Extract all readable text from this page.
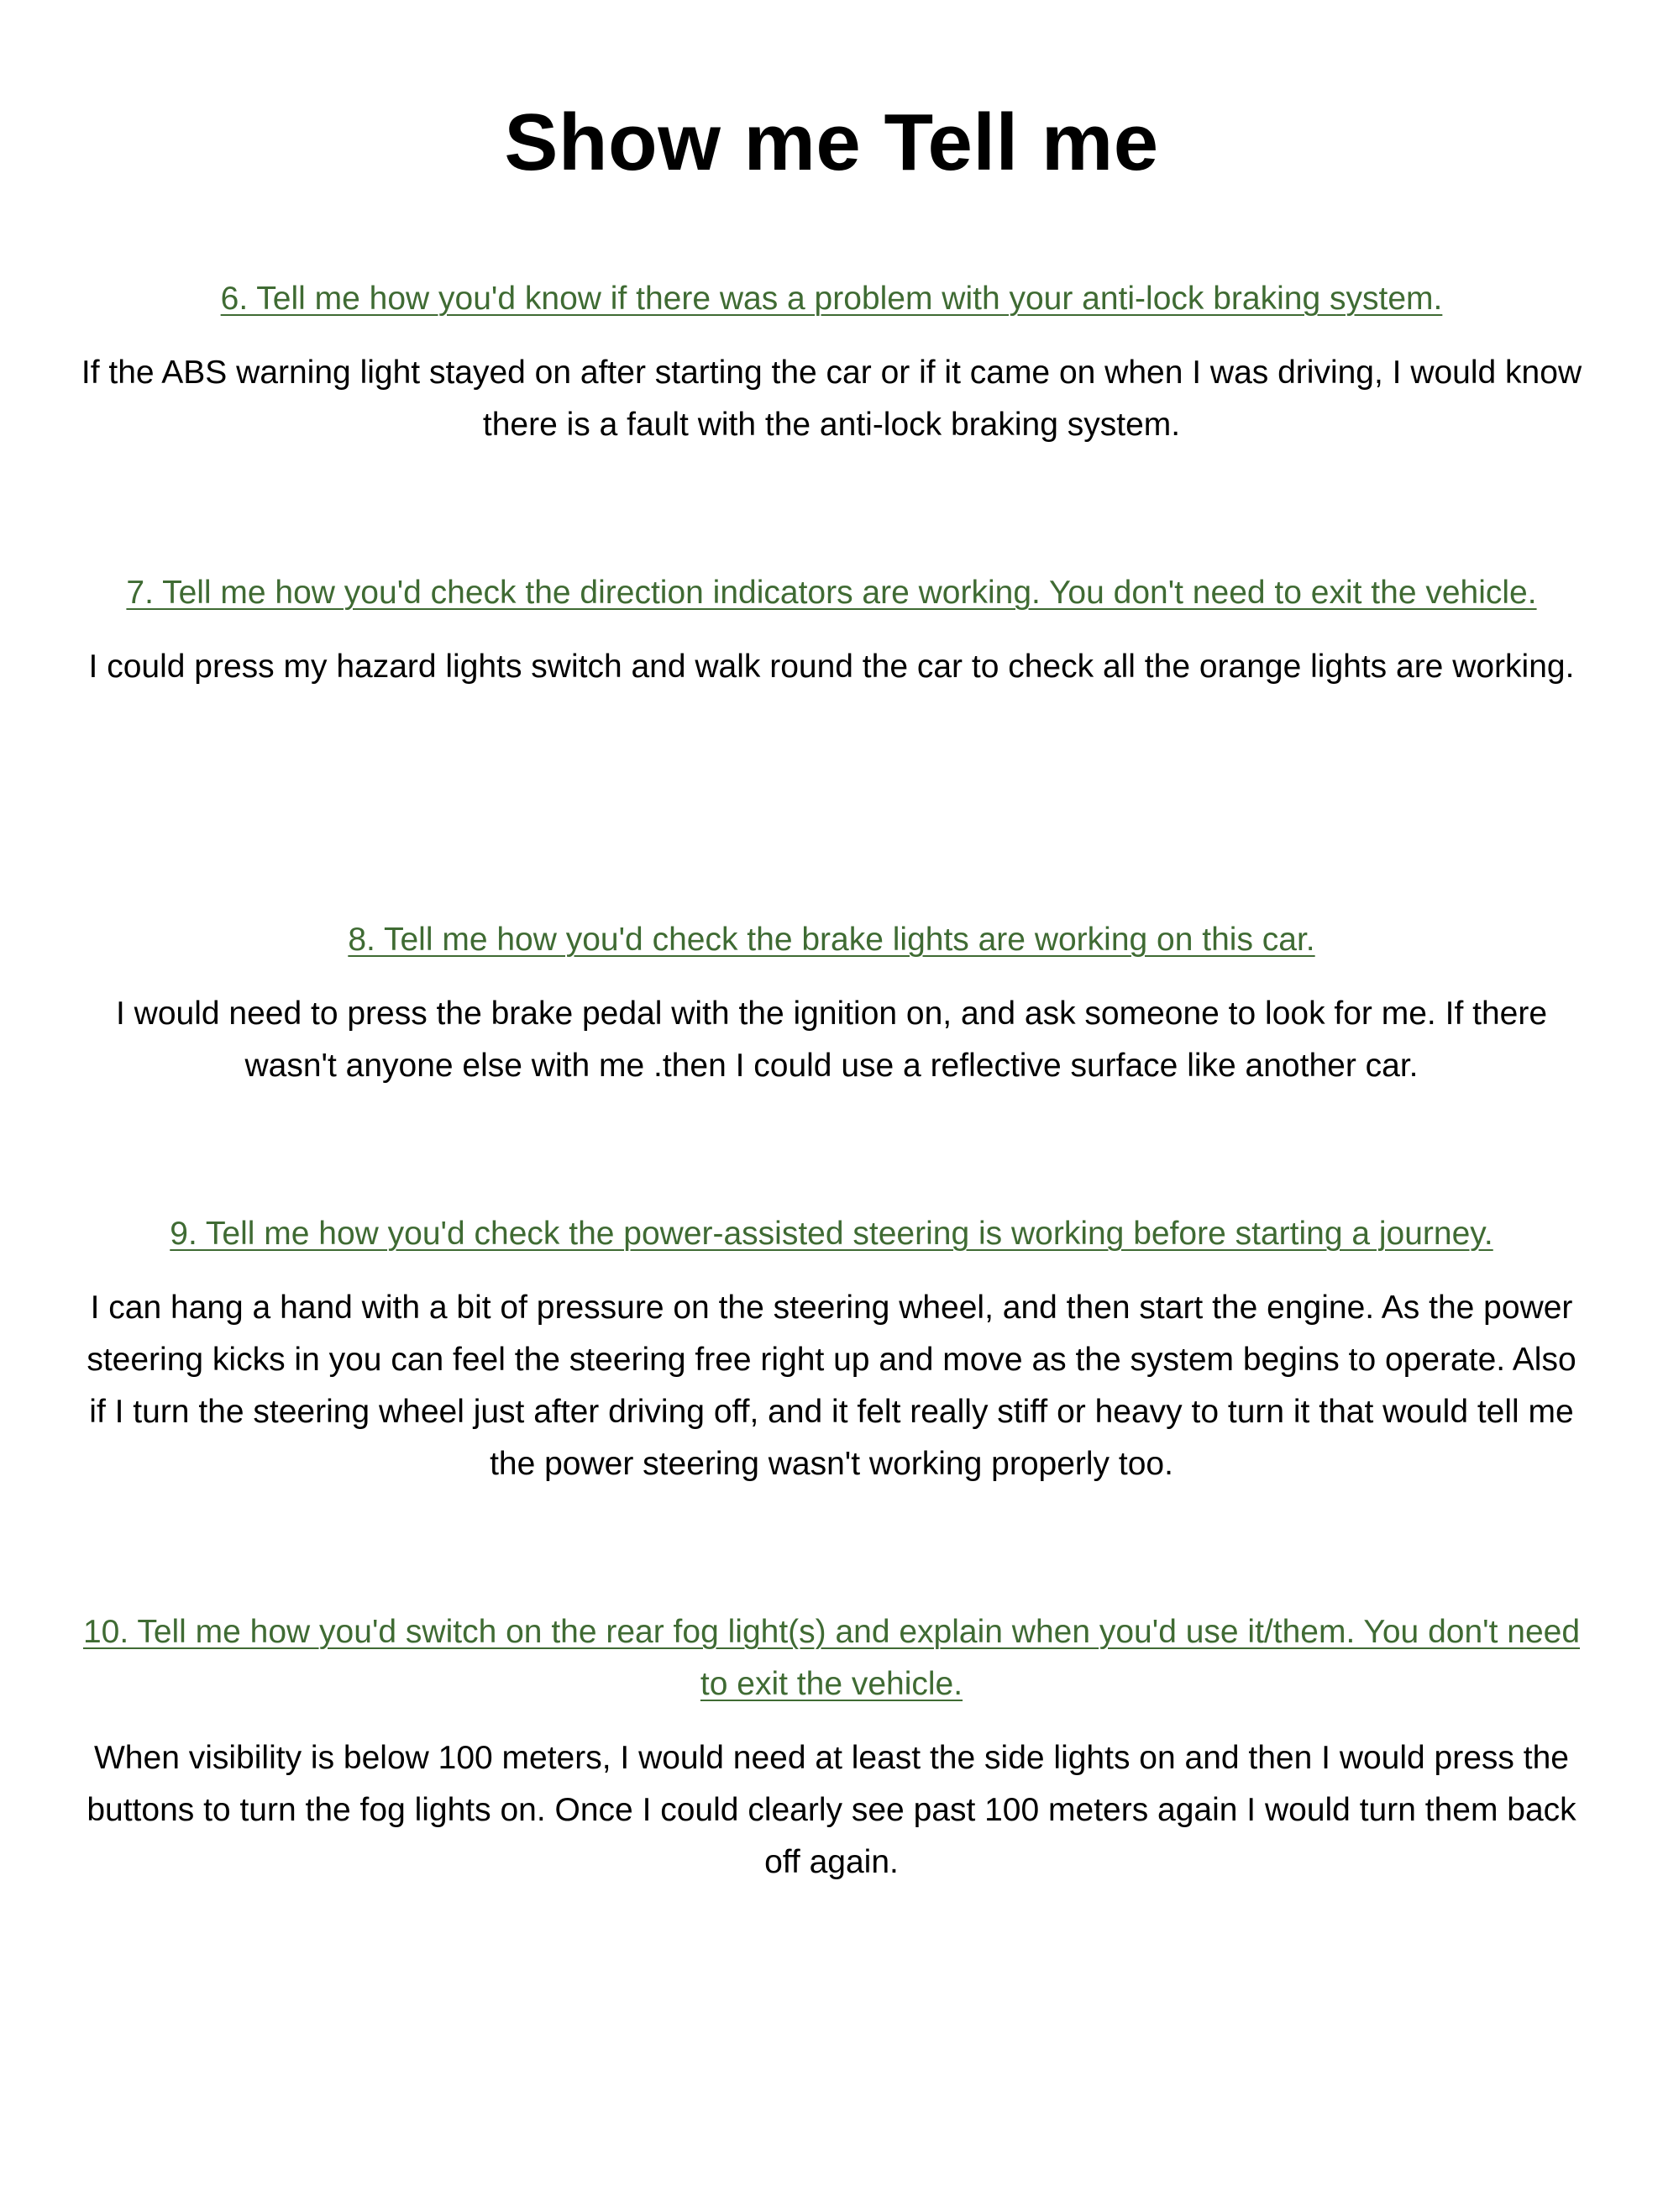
Show me Tell me

6. Tell me how you'd know if there was a problem with your anti-lock braking system.

If the ABS warning light stayed on after starting the car or if it came on when I was driving, I would know there is a fault with the anti-lock braking system.

7. Tell me how you'd check the direction indicators are working. You don't need to exit the vehicle.

I could press my hazard lights switch and walk round the car to check all the orange lights are working.

8. Tell me how you'd check the brake lights are working on this car.

I would need to press the brake pedal with the ignition on, and ask someone to look for me. If there wasn't anyone else with me .then I could use a reflective surface like another car.

9. Tell me how you'd check the power-assisted steering is working before starting a journey.

I can hang a hand with a bit of pressure on the steering wheel, and then start the engine. As the power steering kicks in you can feel the steering free right up and move as the system begins to operate. Also if I turn the steering wheel just after driving off, and it felt really stiff or heavy to turn it that would tell me the power steering wasn't working properly too.

10. Tell me how you'd switch on the rear fog light(s) and explain when you'd use it/them. You don't need to exit the vehicle.

When visibility is below 100 meters, I would need at least the side lights on and then I would press the buttons to turn the fog lights on. Once I could clearly see past 100 meters again I would turn them back off again.
